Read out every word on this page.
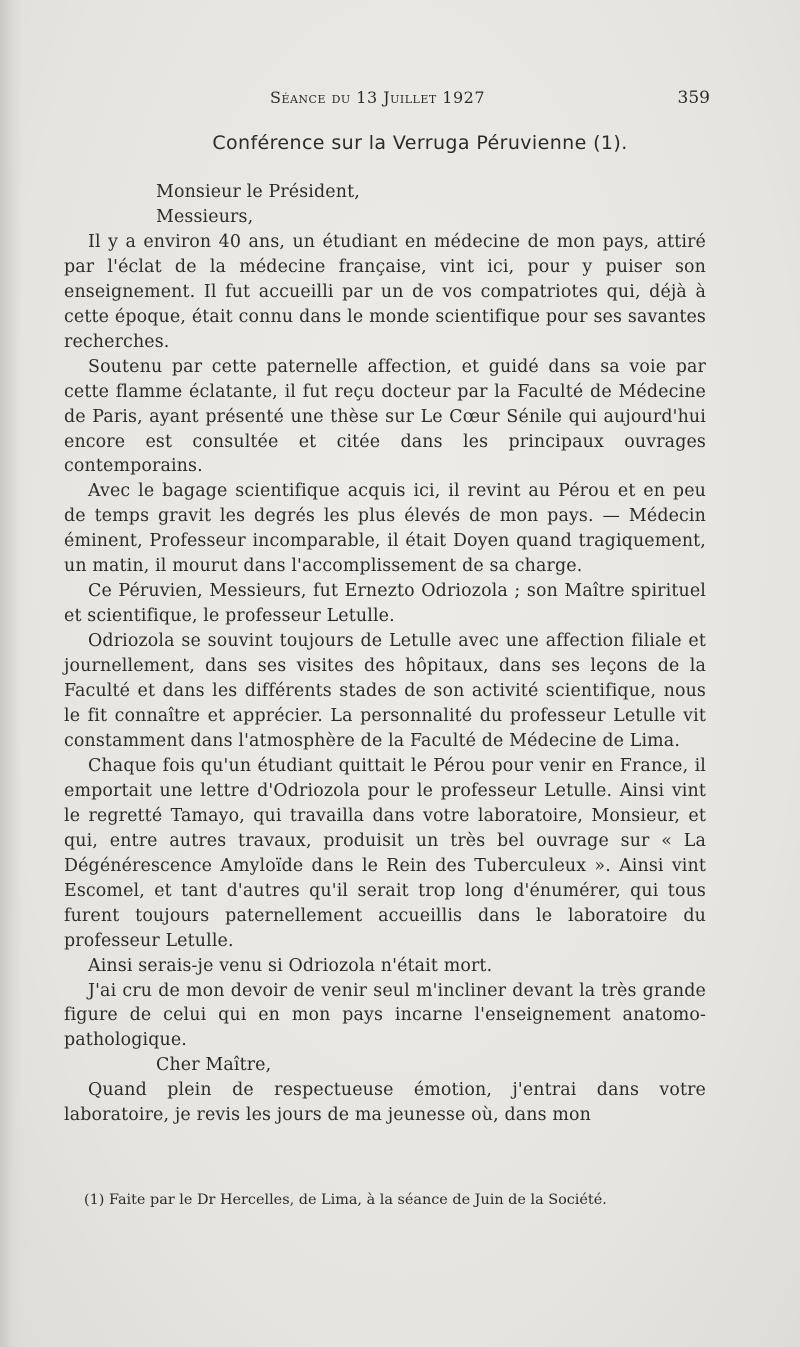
Séance du 13 Juillet 1927	359
Conférence sur la Verruga Péruvienne (1).

Monsieur le Président,

Messieurs,

Il y a environ 40 ans, un étudiant en médecine de mon pays, attiré par l'éclat de la médecine française, vint ici, pour y puiser son enseignement. Il fut accueilli par un de vos compatriotes qui, déjà à cette époque, était connu dans le monde scientifique pour ses savantes recherches.

Soutenu par cette paternelle affection, et guidé dans sa voie par cette flamme éclatante, il fut reçu docteur par la Faculté de Médecine de Paris, ayant présenté une thèse sur Le Cœur Sénile qui aujourd'hui encore est consultée et citée dans les principaux ouvrages contemporains.

Avec le bagage scientifique acquis ici, il revint au Pérou et en peu de temps gravit les degrés les plus élevés de mon pays. — Médecin éminent, Professeur incomparable, il était Doyen quand tragiquement, un matin, il mourut dans l'accomplissement de sa charge.

Ce Péruvien, Messieurs, fut Ernezto Odriozola ; son Maître spirituel et scientifique, le professeur Letulle.

Odriozola se souvint toujours de Letulle avec une affection filiale et journellement, dans ses visites des hôpitaux, dans ses leçons de la Faculté et dans les différents stades de son activité scientifique, nous le fit connaître et apprécier. La personnalité du professeur Letulle vit constamment dans l'atmosphère de la Faculté de Médecine de Lima.

Chaque fois qu'un étudiant quittait le Pérou pour venir en France, il emportait une lettre d'Odriozola pour le professeur Letulle. Ainsi vint le regretté Tamayo, qui travailla dans votre laboratoire, Monsieur, et qui, entre autres travaux, produisit un très bel ouvrage sur « La Dégénérescence Amyloïde dans le Rein des Tuberculeux ». Ainsi vint Escomel, et tant d'autres qu'il serait trop long d'énumérer, qui tous furent toujours paternellement accueillis dans le laboratoire du professeur Letulle.

Ainsi serais-je venu si Odriozola n'était mort.

J'ai cru de mon devoir de venir seul m'incliner devant la très grande figure de celui qui en mon pays incarne l'enseignement anatomo-pathologique.

Cher Maître,

Quand plein de respectueuse émotion, j'entrai dans votre laboratoire, je revis les jours de ma jeunesse où, dans mon

(1) Faite par le Dr Hercelles, de Lima, à la séance de Juin de la Société.
